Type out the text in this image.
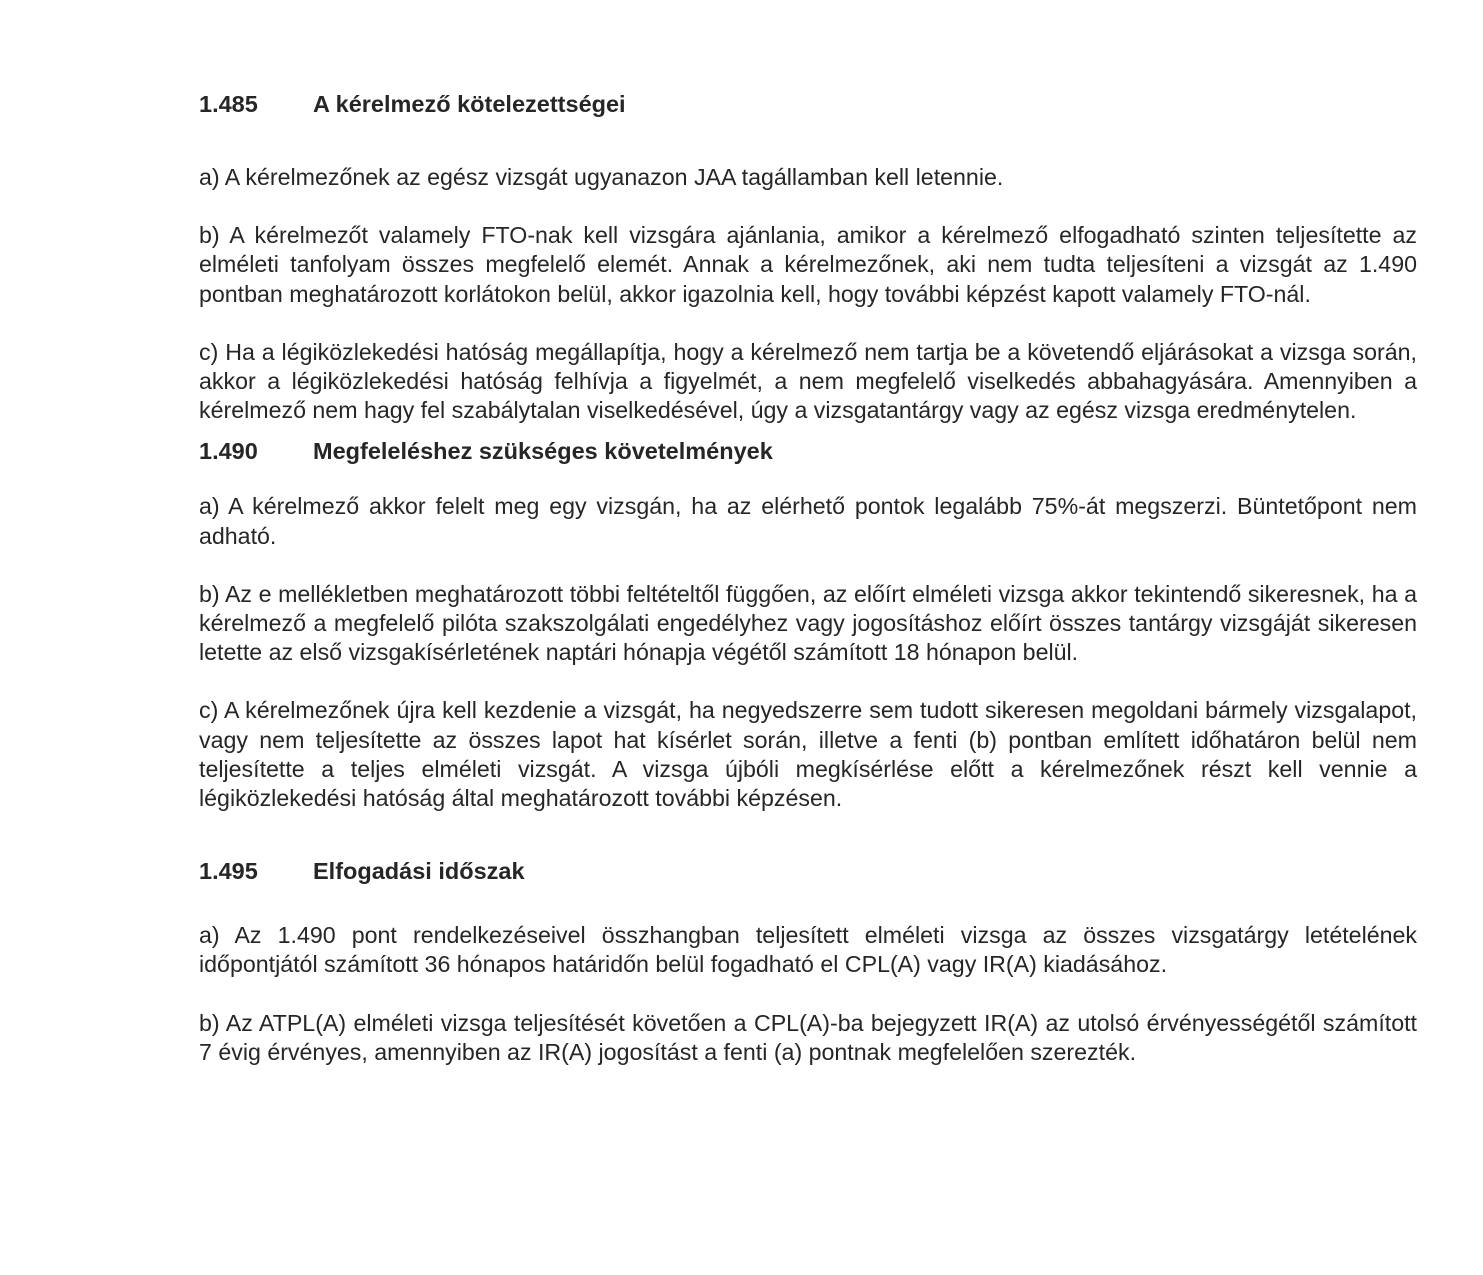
1.485	A kérelmező kötelezettségei

a) A kérelmezőnek az egész vizsgát ugyanazon JAA tagállamban kell letennie.

b) A kérelmezőt valamely FTO-nak kell vizsgára ajánlania, amikor a kérelmező elfogadható szinten teljesítette az elméleti tanfolyam összes megfelelő elemét. Annak a kérelmezőnek, aki nem tudta teljesíteni a vizsgát az 1.490 pontban meghatározott korlátokon belül, akkor igazolnia kell, hogy további képzést kapott valamely FTO-nál.

c) Ha a légiközlekedési hatóság megállapítja, hogy a kérelmező nem tartja be a követendő eljárásokat a vizsga során, akkor a légiközlekedési hatóság felhívja a figyelmét, a nem megfelelő viselkedés abbahagyására. Amennyiben a kérelmező nem hagy fel szabálytalan viselkedésével, úgy a vizsgatantárgy vagy az egész vizsga eredménytelen.

1.490	Megfeleléshez szükséges követelmények

a) A kérelmező akkor felelt meg egy vizsgán, ha az elérhető pontok legalább 75%-át megszerzi. Büntetőpont nem adható.

b) Az e mellékletben meghatározott többi feltételtől függően, az előírt elméleti vizsga akkor tekintendő sikeresnek, ha a kérelmező a megfelelő pilóta szakszolgálati engedélyhez vagy jogosításhoz előírt összes tantárgy vizsgáját sikeresen letette az első vizsgakísérletének naptári hónapja végétől számított 18 hónapon belül.

c) A kérelmezőnek újra kell kezdenie a vizsgát, ha negyedszerre sem tudott sikeresen megoldani bármely vizsgalapot, vagy nem teljesítette az összes lapot hat kísérlet során, illetve a fenti (b) pontban említett időhatáron belül nem teljesítette a teljes elméleti vizsgát. A vizsga újbóli megkísérlése előtt a kérelmezőnek részt kell vennie a légiközlekedési hatóság által meghatározott további képzésen.

1.495	Elfogadási időszak

a) Az 1.490 pont rendelkezéseivel összhangban teljesített elméleti vizsga az összes vizsgatárgy letételének időpontjától számított 36 hónapos határidőn belül fogadható el CPL(A) vagy IR(A) kiadásához.

b) Az ATPL(A) elméleti vizsga teljesítését követően a CPL(A)-ba bejegyzett IR(A) az utolsó érvényességétől számított 7 évig érvényes, amennyiben az IR(A) jogosítást a fenti (a) pontnak megfelelően szerezték.
